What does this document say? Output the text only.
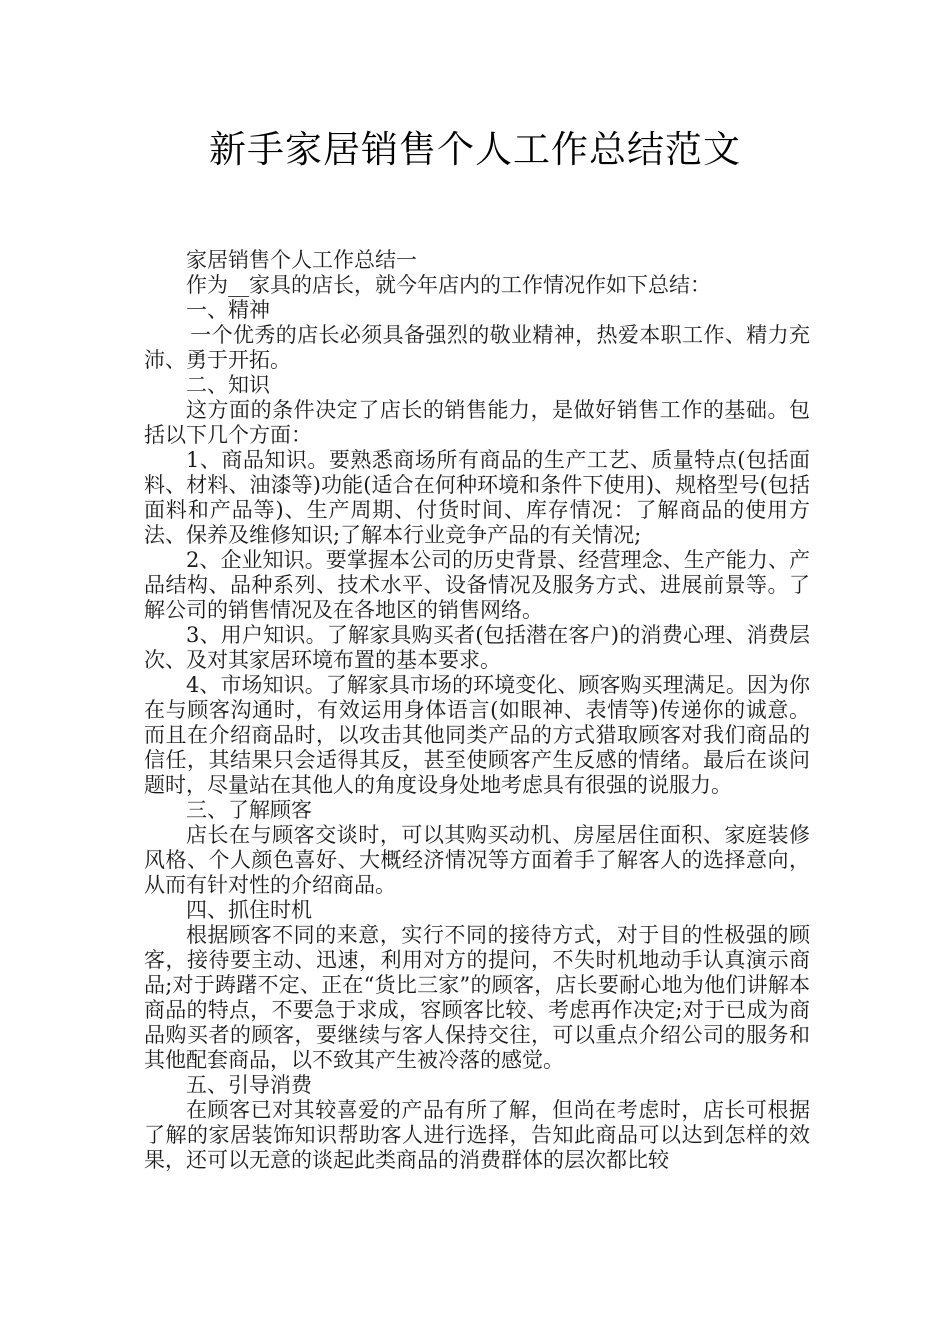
新手家居销售个人工作总结范文

家居销售个人工作总结一

作为__家具的店长，就今年店内的工作情况作如下总结：

一、精神

一个优秀的店长必须具备强烈的敬业精神，热爱本职工作、精力充沛、勇于开拓。

二、知识

这方面的条件决定了店长的销售能力，是做好销售工作的基础。包括以下几个方面：

1、商品知识。要熟悉商场所有商品的生产工艺、质量特点(包括面料、材料、油漆等)功能(适合在何种环境和条件下使用)、规格型号(包括面料和产品等)、生产周期、付货时间、库存情况：了解商品的使用方法、保养及维修知识;了解本行业竞争产品的有关情况;

2、企业知识。要掌握本公司的历史背景、经营理念、生产能力、产品结构、品种系列、技术水平、设备情况及服务方式、进展前景等。了解公司的销售情况及在各地区的销售网络。

3、用户知识。了解家具购买者(包括潜在客户)的消费心理、消费层次、及对其家居环境布置的基本要求。

4、市场知识。了解家具市场的环境变化、顾客购买理满足。因为你在与顾客沟通时，有效运用身体语言(如眼神、表情等)传递你的诚意。而且在介绍商品时，以攻击其他同类产品的方式猎取顾客对我们商品的信任，其结果只会适得其反，甚至使顾客产生反感的情绪。最后在谈问题时，尽量站在其他人的角度设身处地考虑具有很强的说服力。

三、了解顾客

店长在与顾客交谈时，可以其购买动机、房屋居住面积、家庭装修风格、个人颜色喜好、大概经济情况等方面着手了解客人的选择意向，从而有针对性的介绍商品。

四、抓住时机

根据顾客不同的来意，实行不同的接待方式，对于目的性极强的顾客，接待要主动、迅速，利用对方的提问，不失时机地动手认真演示商品;对于踌躇不定、正在“货比三家”的顾客，店长要耐心地为他们讲解本商品的特点，不要急于求成，容顾客比较、考虑再作决定;对于已成为商品购买者的顾客，要继续与客人保持交往，可以重点介绍公司的服务和其他配套商品，以不致其产生被冷落的感觉。

五、引导消费

在顾客已对其较喜爱的产品有所了解，但尚在考虑时，店长可根据了解的家居装饰知识帮助客人进行选择，告知此商品可以达到怎样的效果，还可以无意的谈起此类商品的消费群体的层次都比较
